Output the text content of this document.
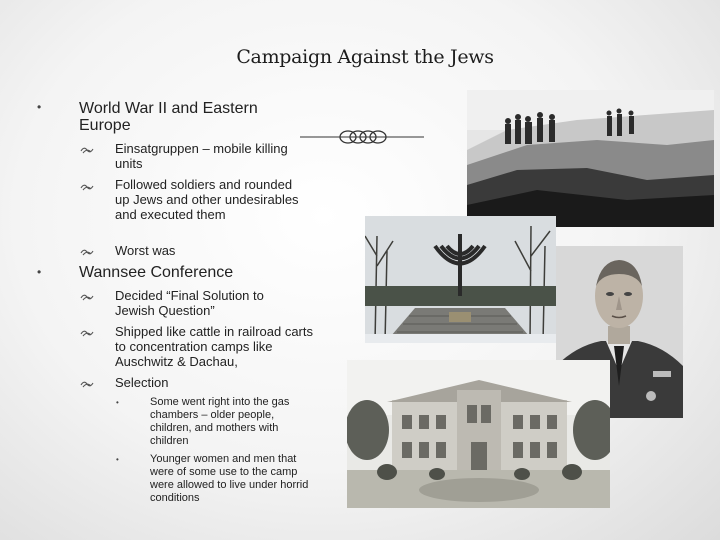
Campaign Against the Jews
• World War II and Eastern Europe

Einsatgruppen – mobile killing units

Followed soldiers and rounded up Jews and other undesirables and executed them

Worst was

• Wannsee Conference

Decided “Final Solution to Jewish Question”

Shipped like cattle in railroad carts to concentration camps like Auschwitz & Dachau,

Selection

•	Some went right into the gas chambers – older people, children, and mothers with children

•	Younger women and men that were of some use to the camp were allowed to live under horrid conditions
